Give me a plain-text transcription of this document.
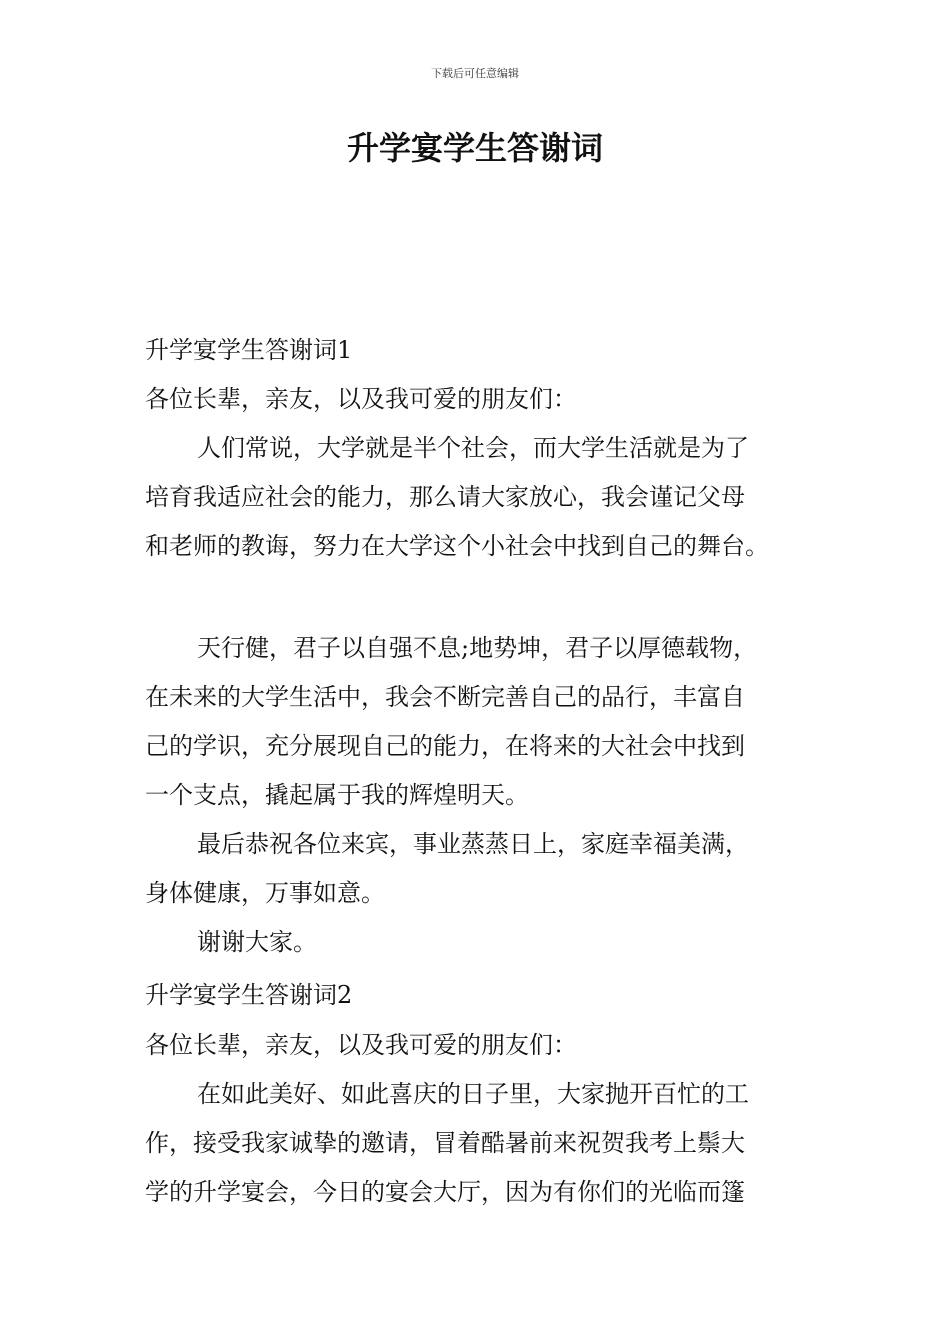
下载后可任意编辑
升学宴学生答谢词
升学宴学生答谢词1
各位长辈，亲友，以及我可爱的朋友们：
人们常说，大学就是半个社会，而大学生活就是为了
培育我适应社会的能力，那么请大家放心，我会谨记父母
和老师的教诲，努力在大学这个小社会中找到自己的舞台。
天行健，君子以自强不息;地势坤，君子以厚德载物，
在未来的大学生活中，我会不断完善自己的品行，丰富自
己的学识，充分展现自己的能力，在将来的大社会中找到
一个支点，撬起属于我的辉煌明天。
最后恭祝各位来宾，事业蒸蒸日上，家庭幸福美满，
身体健康，万事如意。
谢谢大家。
升学宴学生答谢词2
各位长辈，亲友，以及我可爱的朋友们：
在如此美好、如此喜庆的日子里，大家抛开百忙的工
作，接受我家诚挚的邀请，冒着酷暑前来祝贺我考上鬃大
学的升学宴会，今日的宴会大厅，因为有你们的光临而篷
